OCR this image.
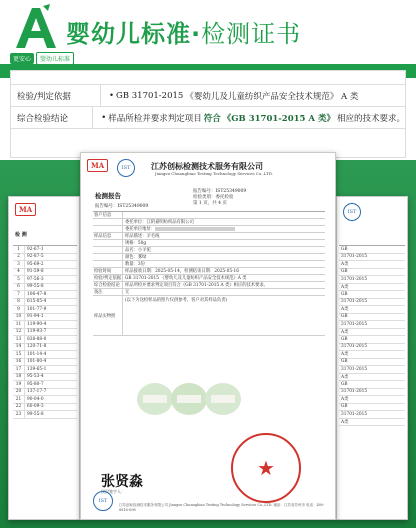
更安心	婴幼儿标准
婴幼儿标准·检测证书
检验/判定依据	• GB 31701-2015 《婴幼儿及儿童纺织产品安全技术规范》 A 类
综合检验结论	• 样品所检并要求判定项目 符合 《GB 31701-2015 A 类》 相应的技术要求。
MA
检 测
1	92-67-1
2	92-87-5
3	95-69-2
4	91-59-8
5	97-56-3
6	99-55-8
7	106-47-8
8	615-05-4
9	101-77-9
10	91-94-1
11	119-90-4
12	119-93-7
13	838-88-0
14	120-71-8
15	101-14-4
16	101-80-4
17	139-65-1
18	95-53-4
19	95-80-7
20	137-17-7
21	90-04-0
22	60-09-3
23	99-55-8
IST
GB
31701-2015
A类
GB
31701-2015
A类
GB
31701-2015
A类
GB
31701-2015
A类
GB
31701-2015
A类
GB
31701-2015
A类
GB
31701-2015
A类
GB
31701-2015
A类
MA	IST	江苏创标检测技术服务有限公司
Jiangsu Chuangbiao Testing Technology Services Co.,LTD.
检测报告
报告编号：IST25349009
检验类别：委托检验
第 1 页，共 4 页
报告编号：IST25349009
客户信息
委托单位：江阴嘉明纺织品有限公司
委托单位地址：
样品信息	样品描述：羊毛线
规格：50g
品名：小羊驼
颜色：雾绿
数量：3份
检验时间	样品接收日期：2025-05-14，检测结束日期：2025-05-16
检验/判定依据 GB 31701-2015 《婴幼儿及儿童纺织产品安全技术规范》A 类
综合检验结论	样品所检并要求判定项目符合《GB 31701-2015 A 类》相应的技术要求。
备注	无
样品实物照
(以下为送检样品的照片仅供参考，客户对其样品负责)
张贤淼
授权签字人：
★
IST
江苏创标检测技术服务有限公司 Jiangsu Chuangbiao Testing Technology Services Co.,LTD. 地址：江苏省苏州市 电话：400-8816-698
